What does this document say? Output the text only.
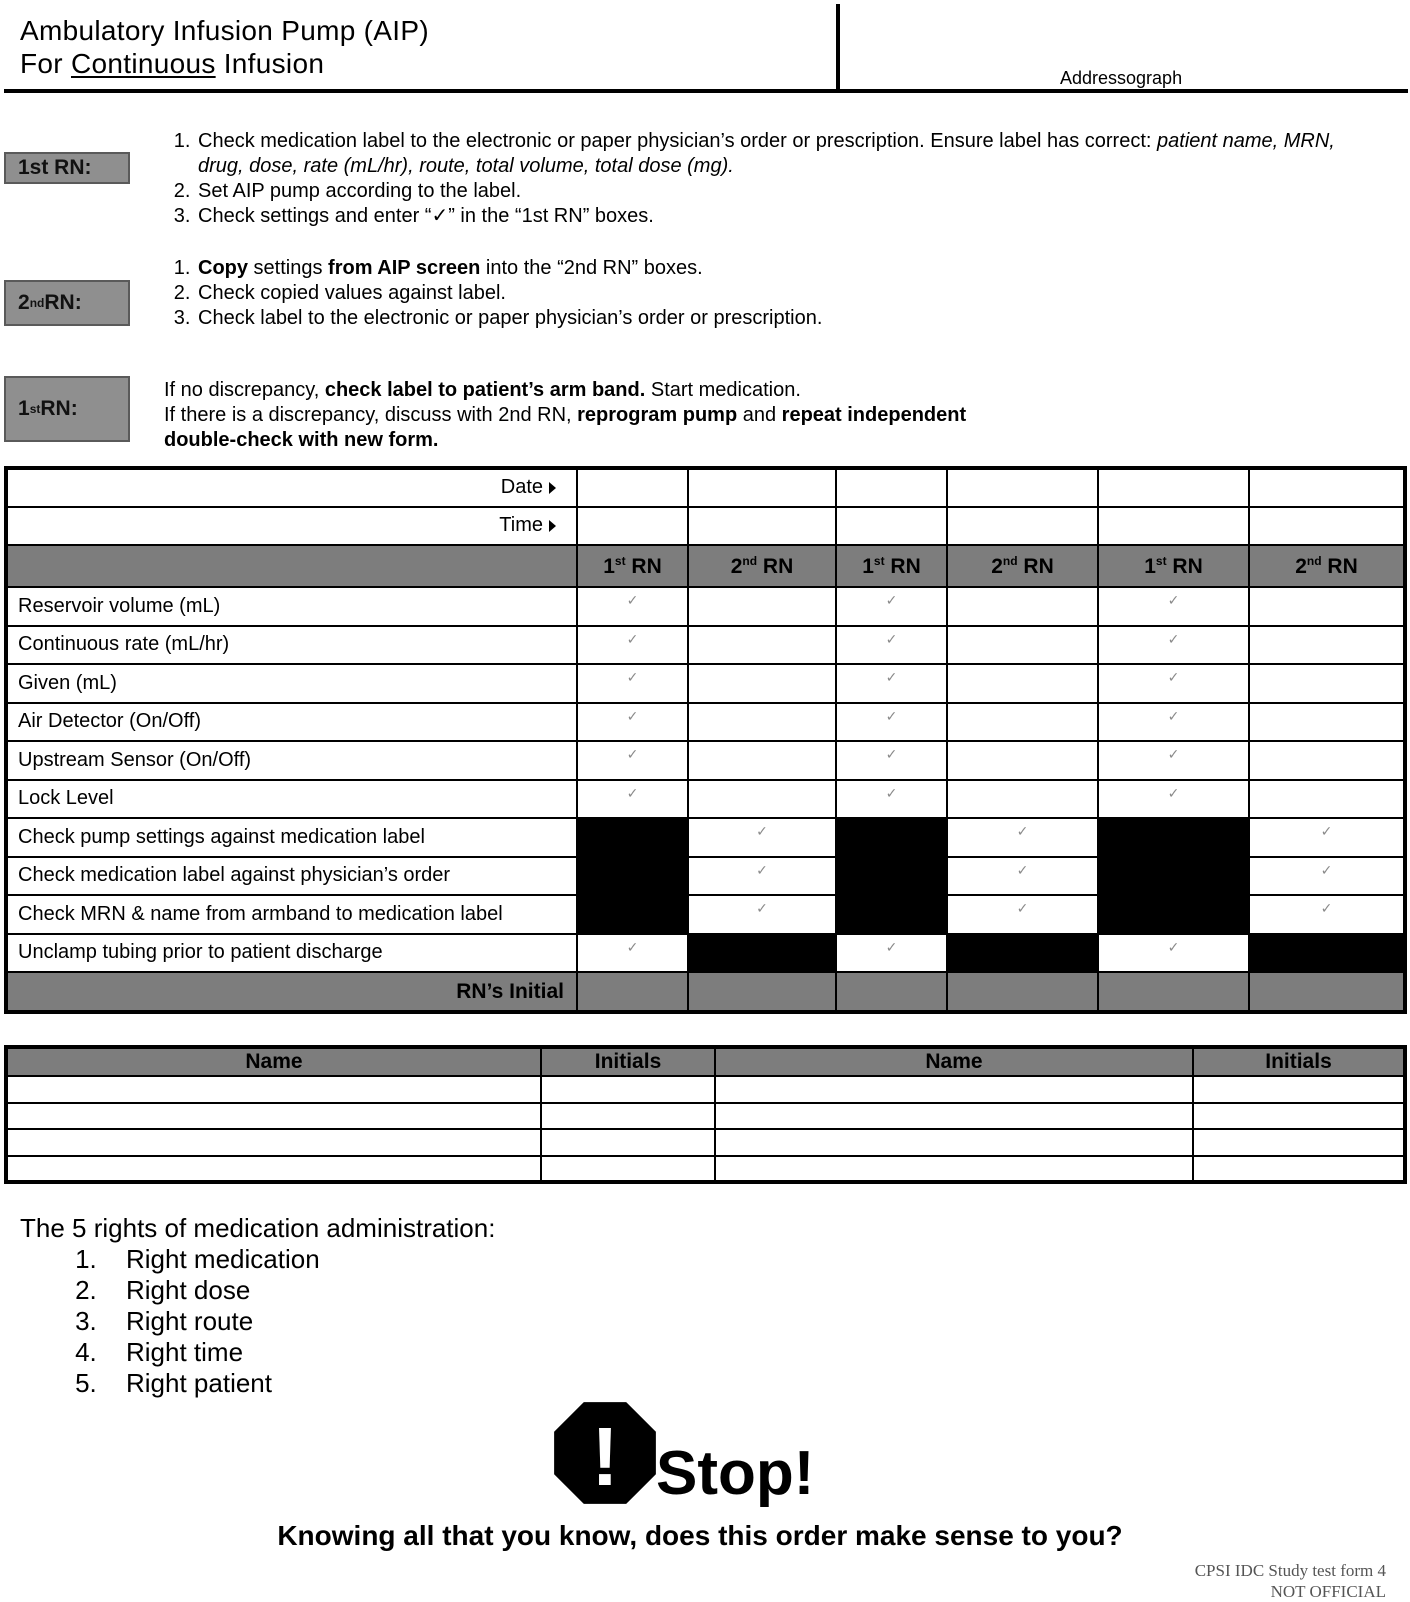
Ambulatory Infusion Pump (AIP)
For Continuous Infusion	Addressograph
1st RN:
1. Check medication label to the electronic or paper physician’s order or prescription. Ensure label has correct: patient name, MRN, drug, dose, rate (mL/hr), route, total volume, total dose (mg).
2. Set AIP pump according to the label.
3. Check settings and enter “✓” in the “1st RN” boxes.
2 nd RN:
1. Copy settings from AIP screen into the “2nd RN” boxes.
2. Check copied values against label.
3. Check label to the electronic or paper physician’s order or prescription.
1 st RN:

If no discrepancy, check label to patient’s arm band. Start medication.

If there is a discrepancy, discuss with 2nd RN, reprogram pump and repeat independent

double-check with new form.

Date						
Time						
	1st RN	2nd RN	1st RN	2nd RN	1st RN	2nd RN
Reservoir volume (mL)	✓		✓		✓	
Continuous rate (mL/hr)	✓		✓		✓	
Given (mL)	✓		✓		✓	
Air Detector (On/Off)	✓		✓		✓	
Upstream Sensor (On/Off)	✓		✓		✓	
Lock Level	✓		✓		✓	
Check pump settings against medication label		✓		✓		✓
Check medication label against physician’s order		✓		✓		✓
Check MRN & name from armband to medication label		✓		✓		✓
Unclamp tubing prior to patient discharge	✓		✓		✓	
RN’s Initial						
Name	Initials	Name	Initials

The 5 rights of medication administration:

1. Right medication
2. Right dose
3. Right route
4. Right time
5. Right patient
! Stop!
Knowing all that you know, does this order make sense to you?
CPSI IDC Study test form 4
NOT OFFICIAL
